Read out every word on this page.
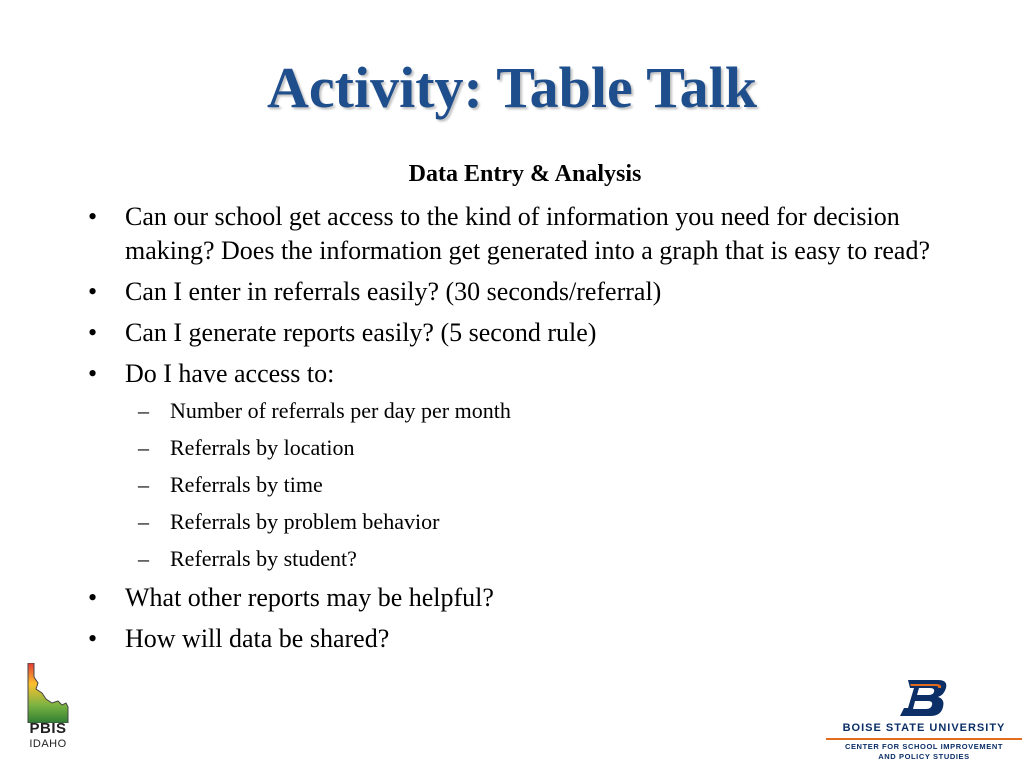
Activity: Table Talk
Data Entry & Analysis
• Can our school get access to the kind of information you need for decision making? Does the information get generated into a graph that is easy to read?
• Can I enter in referrals easily? (30 seconds/referral)
• Can I generate reports easily? (5 second rule)
• Do I have access to:
– Number of referrals per day per month
– Referrals by location
– Referrals by time
– Referrals by problem behavior
– Referrals by student?
• What other reports may be helpful?
• How will data be shared?
PBIS
IDAHO
BOISE STATE UNIVERSITY
CENTER FOR SCHOOL IMPROVEMENT
AND POLICY STUDIES
